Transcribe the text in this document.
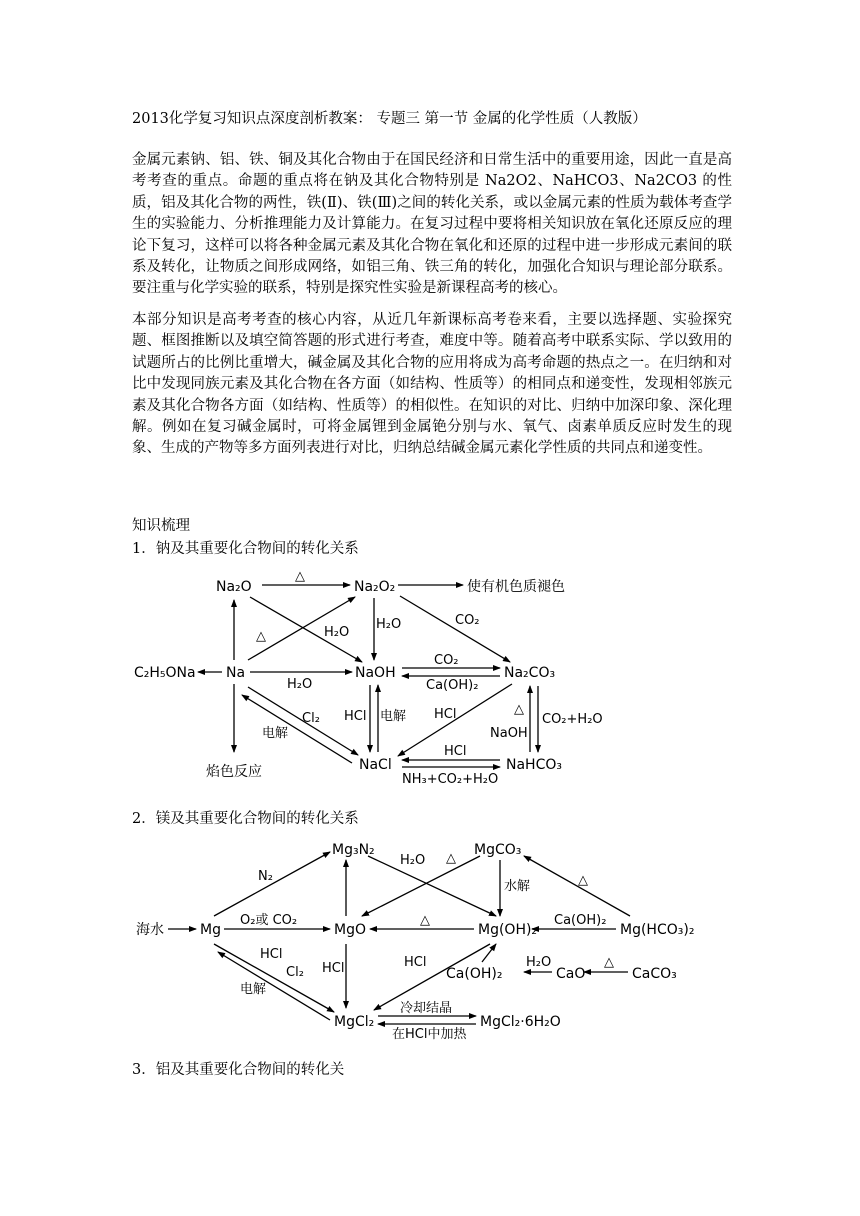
2013化学复习知识点深度剖析教案： 专题三 第一节 金属的化学性质（人教版）
金属元素钠、铝、铁、铜及其化合物由于在国民经济和日常生活中的重要用途，因此一直是高考考查的重点。命题的重点将在钠及其化合物特别是 Na2O2、NaHCO3、Na2CO3 的性质，铝及其化合物的两性，铁(Ⅱ)、铁(Ⅲ)之间的转化关系，或以金属元素的性质为载体考查学生的实验能力、分析推理能力及计算能力。在复习过程中要将相关知识放在氧化还原反应的理论下复习，这样可以将各种金属元素及其化合物在氧化和还原的过程中进一步形成元素间的联系及转化，让物质之间形成网络，如铝三角、铁三角的转化，加强化合知识与理论部分联系。要注重与化学实验的联系，特别是探究性实验是新课程高考的核心。
本部分知识是高考考查的核心内容，从近几年新课标高考卷来看，主要以选择题、实验探究题、框图推断以及填空简答题的形式进行考查，难度中等。随着高考中联系实际、学以致用的试题所占的比例比重增大，碱金属及其化合物的应用将成为高考命题的热点之一。在归纳和对比中发现同族元素及其化合物在各方面（如结构、性质等）的相同点和递变性，发现相邻族元素及其化合物各方面（如结构、性质等）的相似性。在知识的对比、归纳中加深印象、深化理解。例如在复习碱金属时，可将金属锂到金属铯分别与水、氧气、卤素单质反应时发生的现象、生成的产物等多方面列表进行对比，归纳总结碱金属元素化学性质的共同点和递变性。
知识梳理
1．钠及其重要化合物间的转化关系
Na₂O	Na₂O₂	使有机色质褪色
C₂H₅ONa Na	NaOH	Na₂CO₃
NaCl	NaHCO₃
焰色反应
△
△	H₂O
H₂O	CO₂
H₂O
CO₂
Ca(OH)₂
Cl₂
电解
HCl 电解 HCl	△
NaOH
CO₂+H₂O
HCl
NH₃+CO₂+H₂O
2．镁及其重要化合物间的转化关系
海水	Mg
Mg₃N₂	MgCO₃
MgO	Mg(OH)₂	Mg(HCO₃)₂
Ca(OH)₂	CaO	CaCO₃
MgCl₂	MgCl₂·6H₂O
N₂
O₂或 CO₂
H₂O △
水解	△
△	Ca(OH)₂
HCl
Cl₂
电解
HCl	HCl	H₂O	△
冷却结晶
在HCl中加热
3．铝及其重要化合物间的转化关
